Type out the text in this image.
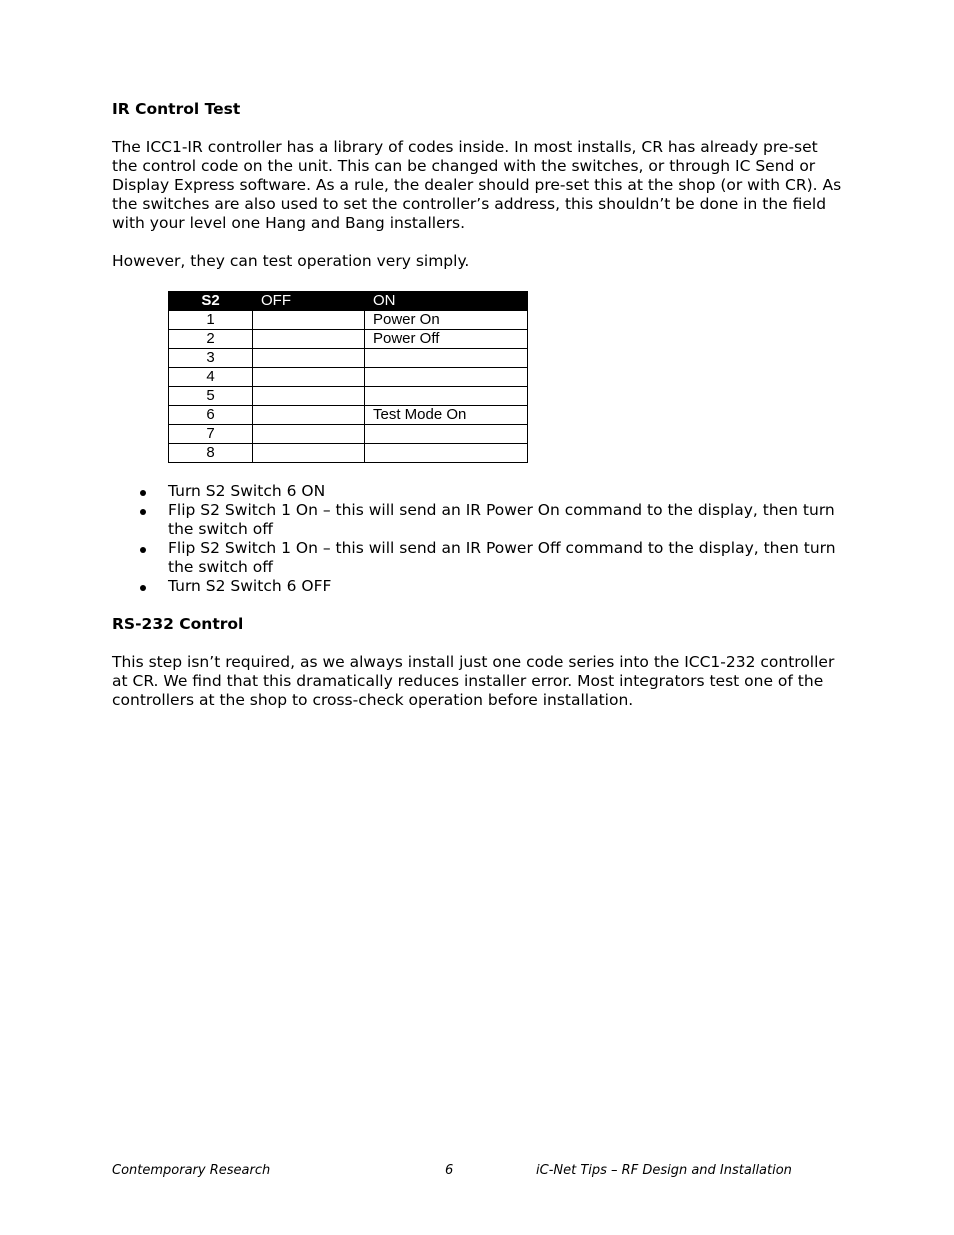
IR Control Test

The ICC1-IR controller has a library of codes inside. In most installs, CR has already pre-set the control code on the unit. This can be changed with the switches, or through IC Send or Display Express software. As a rule, the dealer should pre-set this at the shop (or with CR). As the switches are also used to set the controller’s address, this shouldn’t be done in the field with your level one Hang and Bang installers.

However, they can test operation very simply.

S2	OFF	ON
1		Power On
2		Power Off
3		
4		
5		
6		Test Mode On
7		
8		
Turn S2 Switch 6 ON
Flip S2 Switch 1 On – this will send an IR Power On command to the display, then turn the switch off
Flip S2 Switch 1 On – this will send an IR Power Off command to the display, then turn the switch off
Turn S2 Switch 6 OFF
RS-232 Control

This step isn’t required, as we always install just one code series into the ICC1-232 controller at CR. We find that this dramatically reduces installer error. Most integrators test one of the controllers at the shop to cross-check operation before installation.

Contemporary Research	6	iC-Net Tips – RF Design and Installation
